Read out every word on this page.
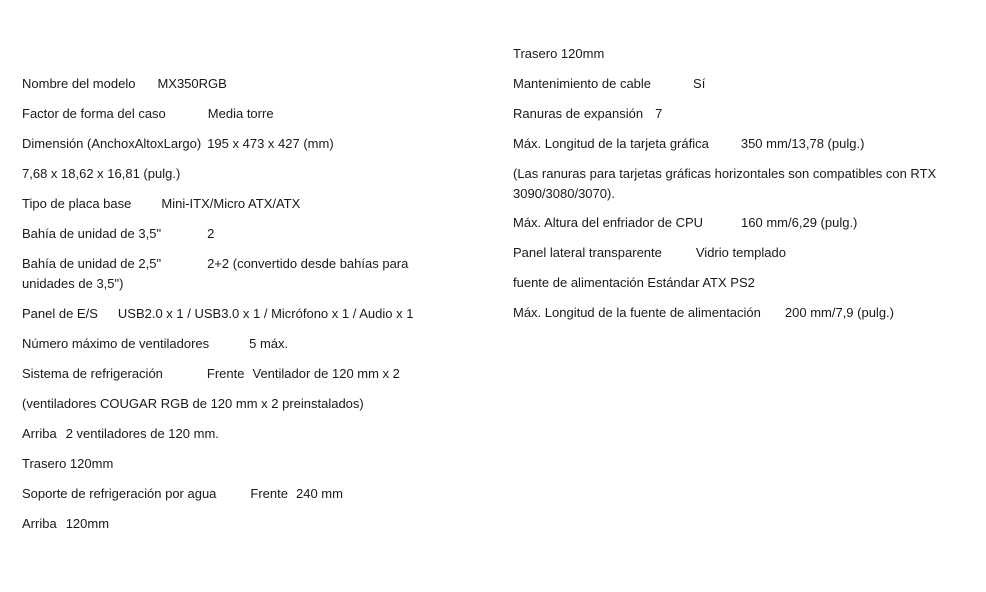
Nombre del modelo MX350RGB
Factor de forma del caso	Media torre
Dimensión (AnchoxAltoxLargo) 195 x 473 x 427 (mm)
7,68 x 18,62 x 16,81 (pulg.)
Tipo de placa base Mini-ITX/Micro ATX/ATX
Bahía de unidad de 3,5"	2
Bahía de unidad de 2,5"	2+2 (convertido desde bahías para
unidades de 3,5")
Panel de E/S USB2.0 x 1 / USB3.0 x 1 / Micrófono x 1 / Audio x 1
Número máximo de ventiladores	5 máx.
Sistema de refrigeración	Frente Ventilador de 120 mm x 2
(ventiladores COUGAR RGB de 120 mm x 2 preinstalados)
Arriba 2 ventiladores de 120 mm.
Trasero 120mm
Soporte de refrigeración por agua	Frente 240 mm
Arriba 120mm
Trasero 120mm
Mantenimiento de cable	Sí
Ranuras de expansión 7
Máx. Longitud de la tarjeta gráfica 350 mm/13,78 (pulg.)
(Las ranuras para tarjetas gráficas horizontales son compatibles con RTX
3090/3080/3070).
Máx. Altura del enfriador de CPU	160 mm/6,29 (pulg.)
Panel lateral transparente	Vidrio templado
fuente de alimentación Estándar ATX PS2
Máx. Longitud de la fuente de alimentación 200 mm/7,9 (pulg.)
